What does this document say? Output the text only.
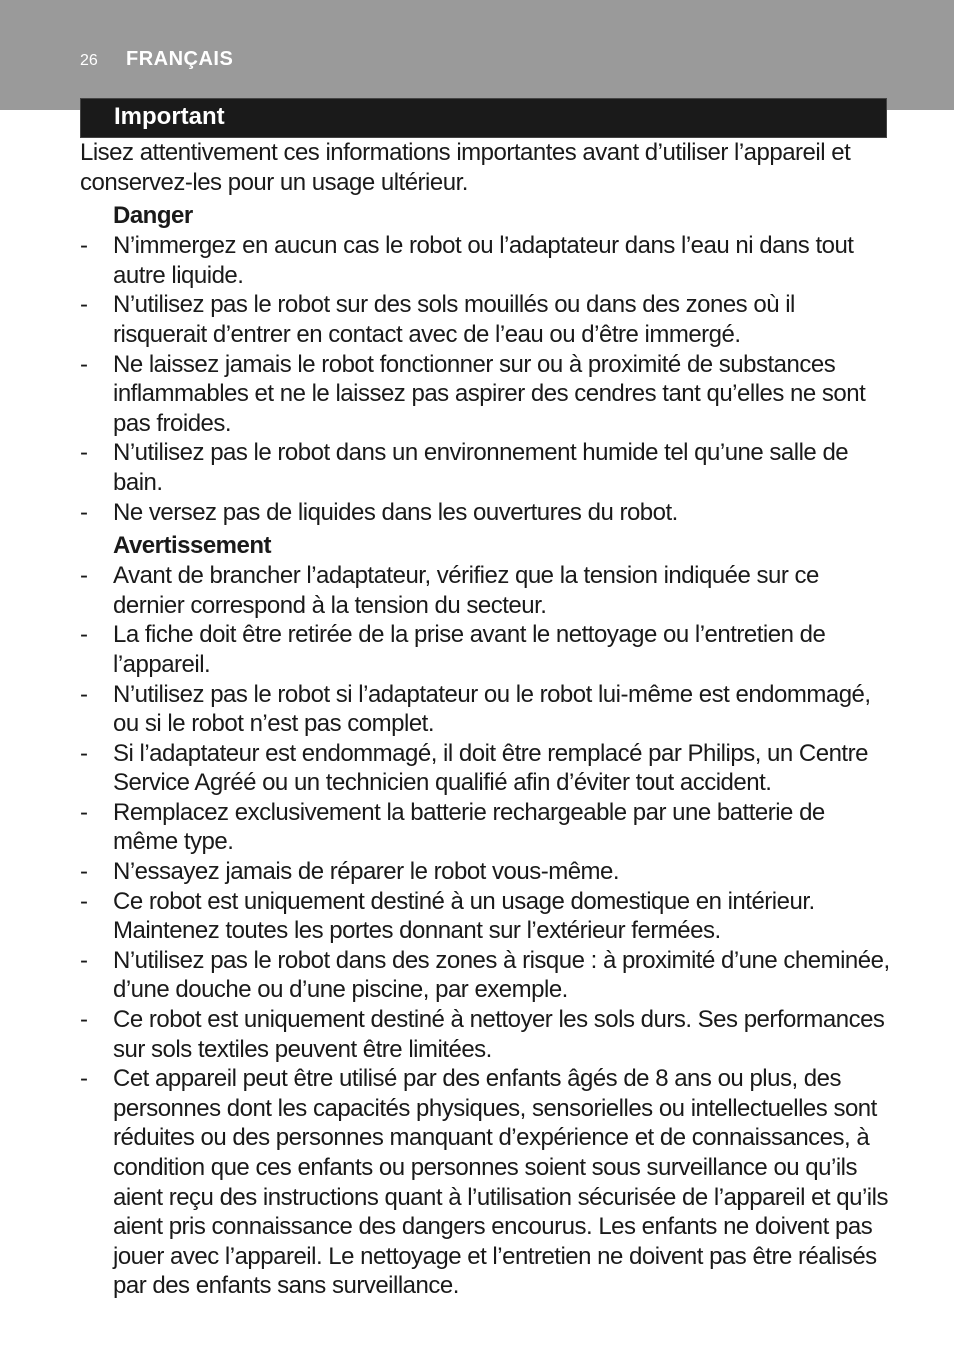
26 FRANÇAIS
Important

Lisez attentivement ces informations importantes avant d’utiliser l’appareil et conservez-les pour un usage ultérieur.

Danger

- N’immergez en aucun cas le robot ou l’adaptateur dans l’eau ni dans tout autre liquide.
- N’utilisez pas le robot sur des sols mouillés ou dans des zones où il risquerait d’entrer en contact avec de l’eau ou d’être immergé.
- Ne laissez jamais le robot fonctionner sur ou à proximité de substances inflammables et ne le laissez pas aspirer des cendres tant qu’elles ne sont pas froides.
- N’utilisez pas le robot dans un environnement humide tel qu’une salle de bain.
- Ne versez pas de liquides dans les ouvertures du robot.

Avertissement

- Avant de brancher l’adaptateur, vérifiez que la tension indiquée sur ce dernier correspond à la tension du secteur.
- La fiche doit être retirée de la prise avant le nettoyage ou l’entretien de l’appareil.
- N’utilisez pas le robot si l’adaptateur ou le robot lui-même est endommagé, ou si le robot n’est pas complet.
- Si l’adaptateur est endommagé, il doit être remplacé par Philips, un Centre Service Agréé ou un technicien qualifié afin d’éviter tout accident.
- Remplacez exclusivement la batterie rechargeable par une batterie de même type.
- N’essayez jamais de réparer le robot vous-même.
- Ce robot est uniquement destiné à un usage domestique en intérieur. Maintenez toutes les portes donnant sur l’extérieur fermées.
- N’utilisez pas le robot dans des zones à risque : à proximité d’une cheminée, d’une douche ou d’une piscine, par exemple.
- Ce robot est uniquement destiné à nettoyer les sols durs. Ses performances sur sols textiles peuvent être limitées.
- Cet appareil peut être utilisé par des enfants âgés de 8 ans ou plus, des personnes dont les capacités physiques, sensorielles ou intellectuelles sont réduites ou des personnes manquant d’expérience et de connaissances, à condition que ces enfants ou personnes soient sous surveillance ou qu’ils aient reçu des instructions quant à l’utilisation sécurisée de l’appareil et qu’ils aient pris connaissance des dangers encourus. Les enfants ne doivent pas jouer avec l’appareil. Le nettoyage et l’entretien ne doivent pas être réalisés par des enfants sans surveillance.
